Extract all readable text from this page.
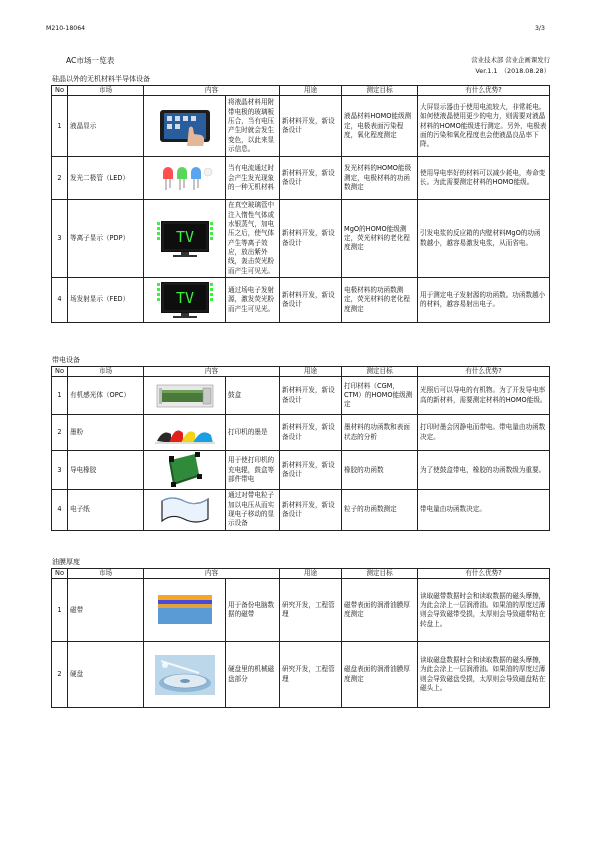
M210-18064	3/3
AC市场一览表	营业技术部 营业企画课发行
Ver.1.1　（2018.08.28）
硅晶以外的无机材料半导体设备
No	市场	内容		用途	测定目标	有什么优势?
1	液晶显示		将液晶材料用附带电极的玻璃板压合，当有电压产生时就会发生变色，以此来显示信息。	新材料开发，新设备设计	液晶材料HOMO能级测定，电极表面污染程度，氧化程度测定	大屏显示器由于使用电流较大，非常耗电。如何使液晶使用更少的电力，则需要对液晶材料的HOMO能级进行测定。另外，电极表面的污染和氧化程度也会使液晶良品率下降。
2	发光二极管（LED）		当有电流通过时会产生发光现象的一种无机材料	新材料开发，新设备设计	发光材料的HOMO能级测定，电极材料的功函数测定	使用导电率好的材料可以减少耗电，寿命变长。为此需要测定材料的HOMO能级。
3	等离子显示（PDP）	TV	在真空玻璃管中注入惰性气体或水银蒸气，加电压之后，使气体产生等离子效应，放出紫外线，轰击荧光粉而产生可见光。	新材料开发，新设备设计	MgO的HOMO能级测定，荧光材料的老化程度测定	引发电浆的反应箱的内壁材料MgO的功函数越小，越容易激发电浆，从而省电。
4	场发射显示（FED）	TV	通过场电子发射源，激发荧光粉而产生可见光。	新材料开发，新设备设计	电极材料的功函数测定，荧光材料的老化程度测定	用于测定电子发射源的功函数。功函数越小的材料，越容易射出电子。
带电设备
No	市场	内容		用途	测定目标	有什么优势?
1	有机感光体（OPC）		鼓盒	新材料开发，新设备设计	打印材料（CGM，CTM）的HOMO能级测定	光照后可以导电的有机物。为了开发导电率高的新材料，需要测定材料的HOMO能级。
2	墨粉		打印机的墨是	新材料开发，新设备设计	墨材料的功函数和表面状态的分析	打印时墨会因静电而带电。带电量由功函数决定。
3	导电橡胶		用于使打印机的充电辊，鼓盒等部件带电	新材料开发，新设备设计	橡胶的功函数	为了使鼓盒带电，橡胶的功函数级为重要。
4	电子纸		通过对带电粒子加以电压从而实现电子移动的显示设备	新材料开发，新设备设计	粒子的功函数测定	带电量由功函数决定。
油膜厚度
No	市场	内容		用途	测定目标	有什么优势?
1	磁带		用于备份电脑数据的磁带	研究开发，工程管理	磁带表面的润滑油膜厚度测定	读取磁带数据时会和读取数据的磁头摩擦，为此会涂上一层润滑油。如果油的厚度过薄则会导致磁带受损，太厚则会导致磁带粘在转盘上。
2	硬盘		硬盘里的机械磁盘部分	研究开发，工程管理	磁盘表面的润滑油膜厚度测定	读取磁盘数据时会和读取数据的磁头摩擦，为此会涂上一层润滑油。如果油的厚度过薄则会导致磁盘受损，太厚则会导致磁盘粘在磁头上。
